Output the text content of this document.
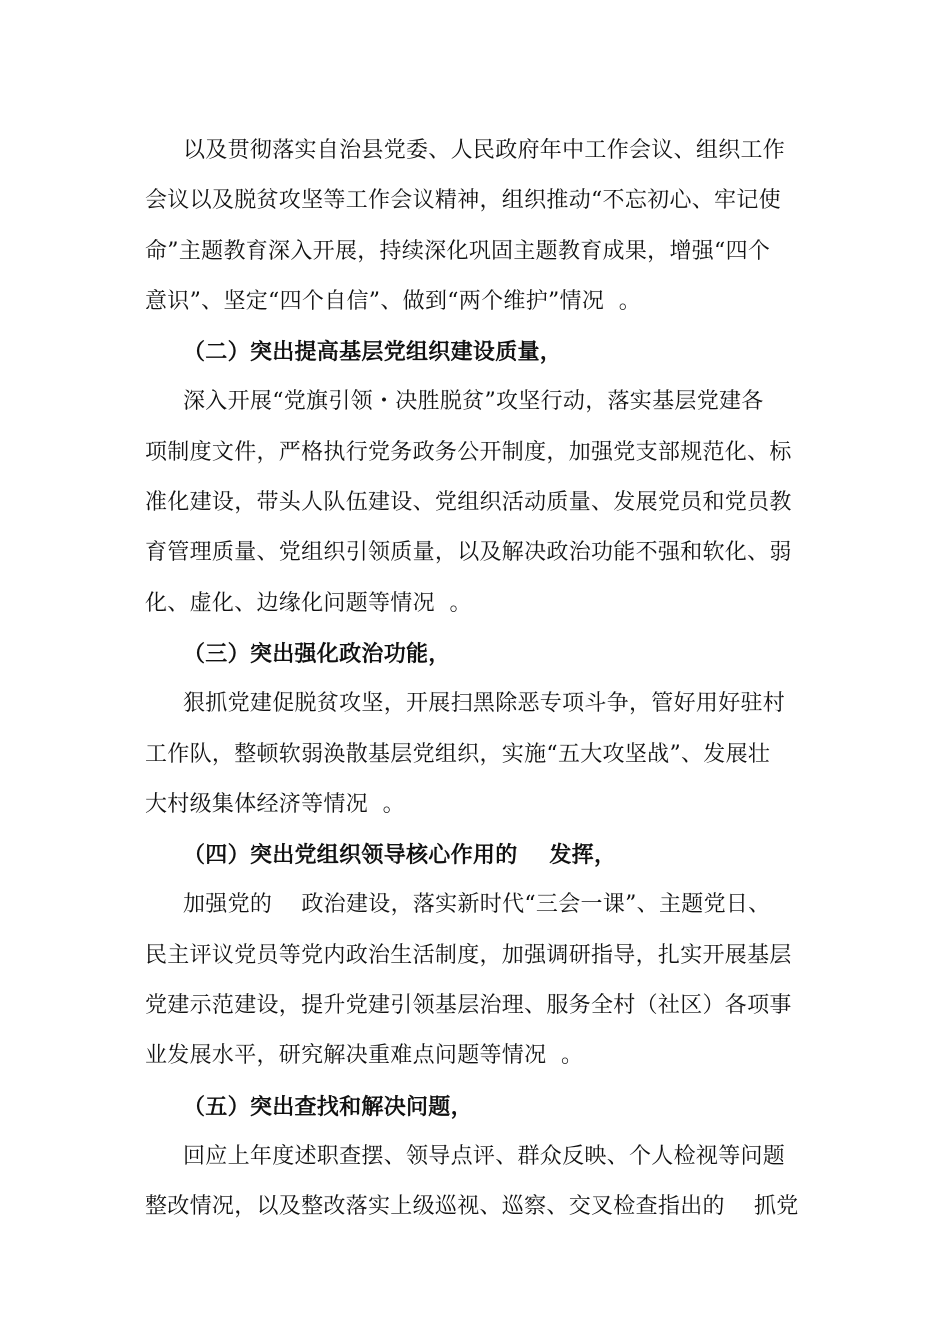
以及贯彻落实自治县党委、人民政府年中工作会议、组织工作
会议以及脱贫攻坚等工作会议精神，组织推动“不忘初心、牢记使
命”主题教育深入开展，持续深化巩固主题教育成果，增强“四个
意识”、坚定“四个自信”、做到“两个维护”情况  。
（二）突出提高基层党组织建设质量，
深入开展“党旗引领・决胜脱贫”攻坚行动，落实基层党建各
项制度文件，严格执行党务政务公开制度，加强党支部规范化、标
准化建设，带头人队伍建设、党组织活动质量、发展党员和党员教
育管理质量、党组织引领质量，以及解决政治功能不强和软化、弱
化、虚化、边缘化问题等情况  。
（三）突出强化政治功能，
狠抓党建促脱贫攻坚，开展扫黑除恶专项斗争，管好用好驻村
工作队，整顿软弱涣散基层党组织，实施“五大攻坚战”、发展壮
大村级集体经济等情况  。
（四）突出党组织领导核心作用的    发挥，
加强党的    政治建设，落实新时代“三会一课”、主题党日、
民主评议党员等党内政治生活制度，加强调研指导，扎实开展基层
党建示范建设，提升党建引领基层治理、服务全村（社区）各项事
业发展水平，研究解决重难点问题等情况  。
（五）突出查找和解决问题，
回应上年度述职查摆、领导点评、群众反映、个人检视等问题
整改情况，以及整改落实上级巡视、巡察、交叉检查指出的    抓党
